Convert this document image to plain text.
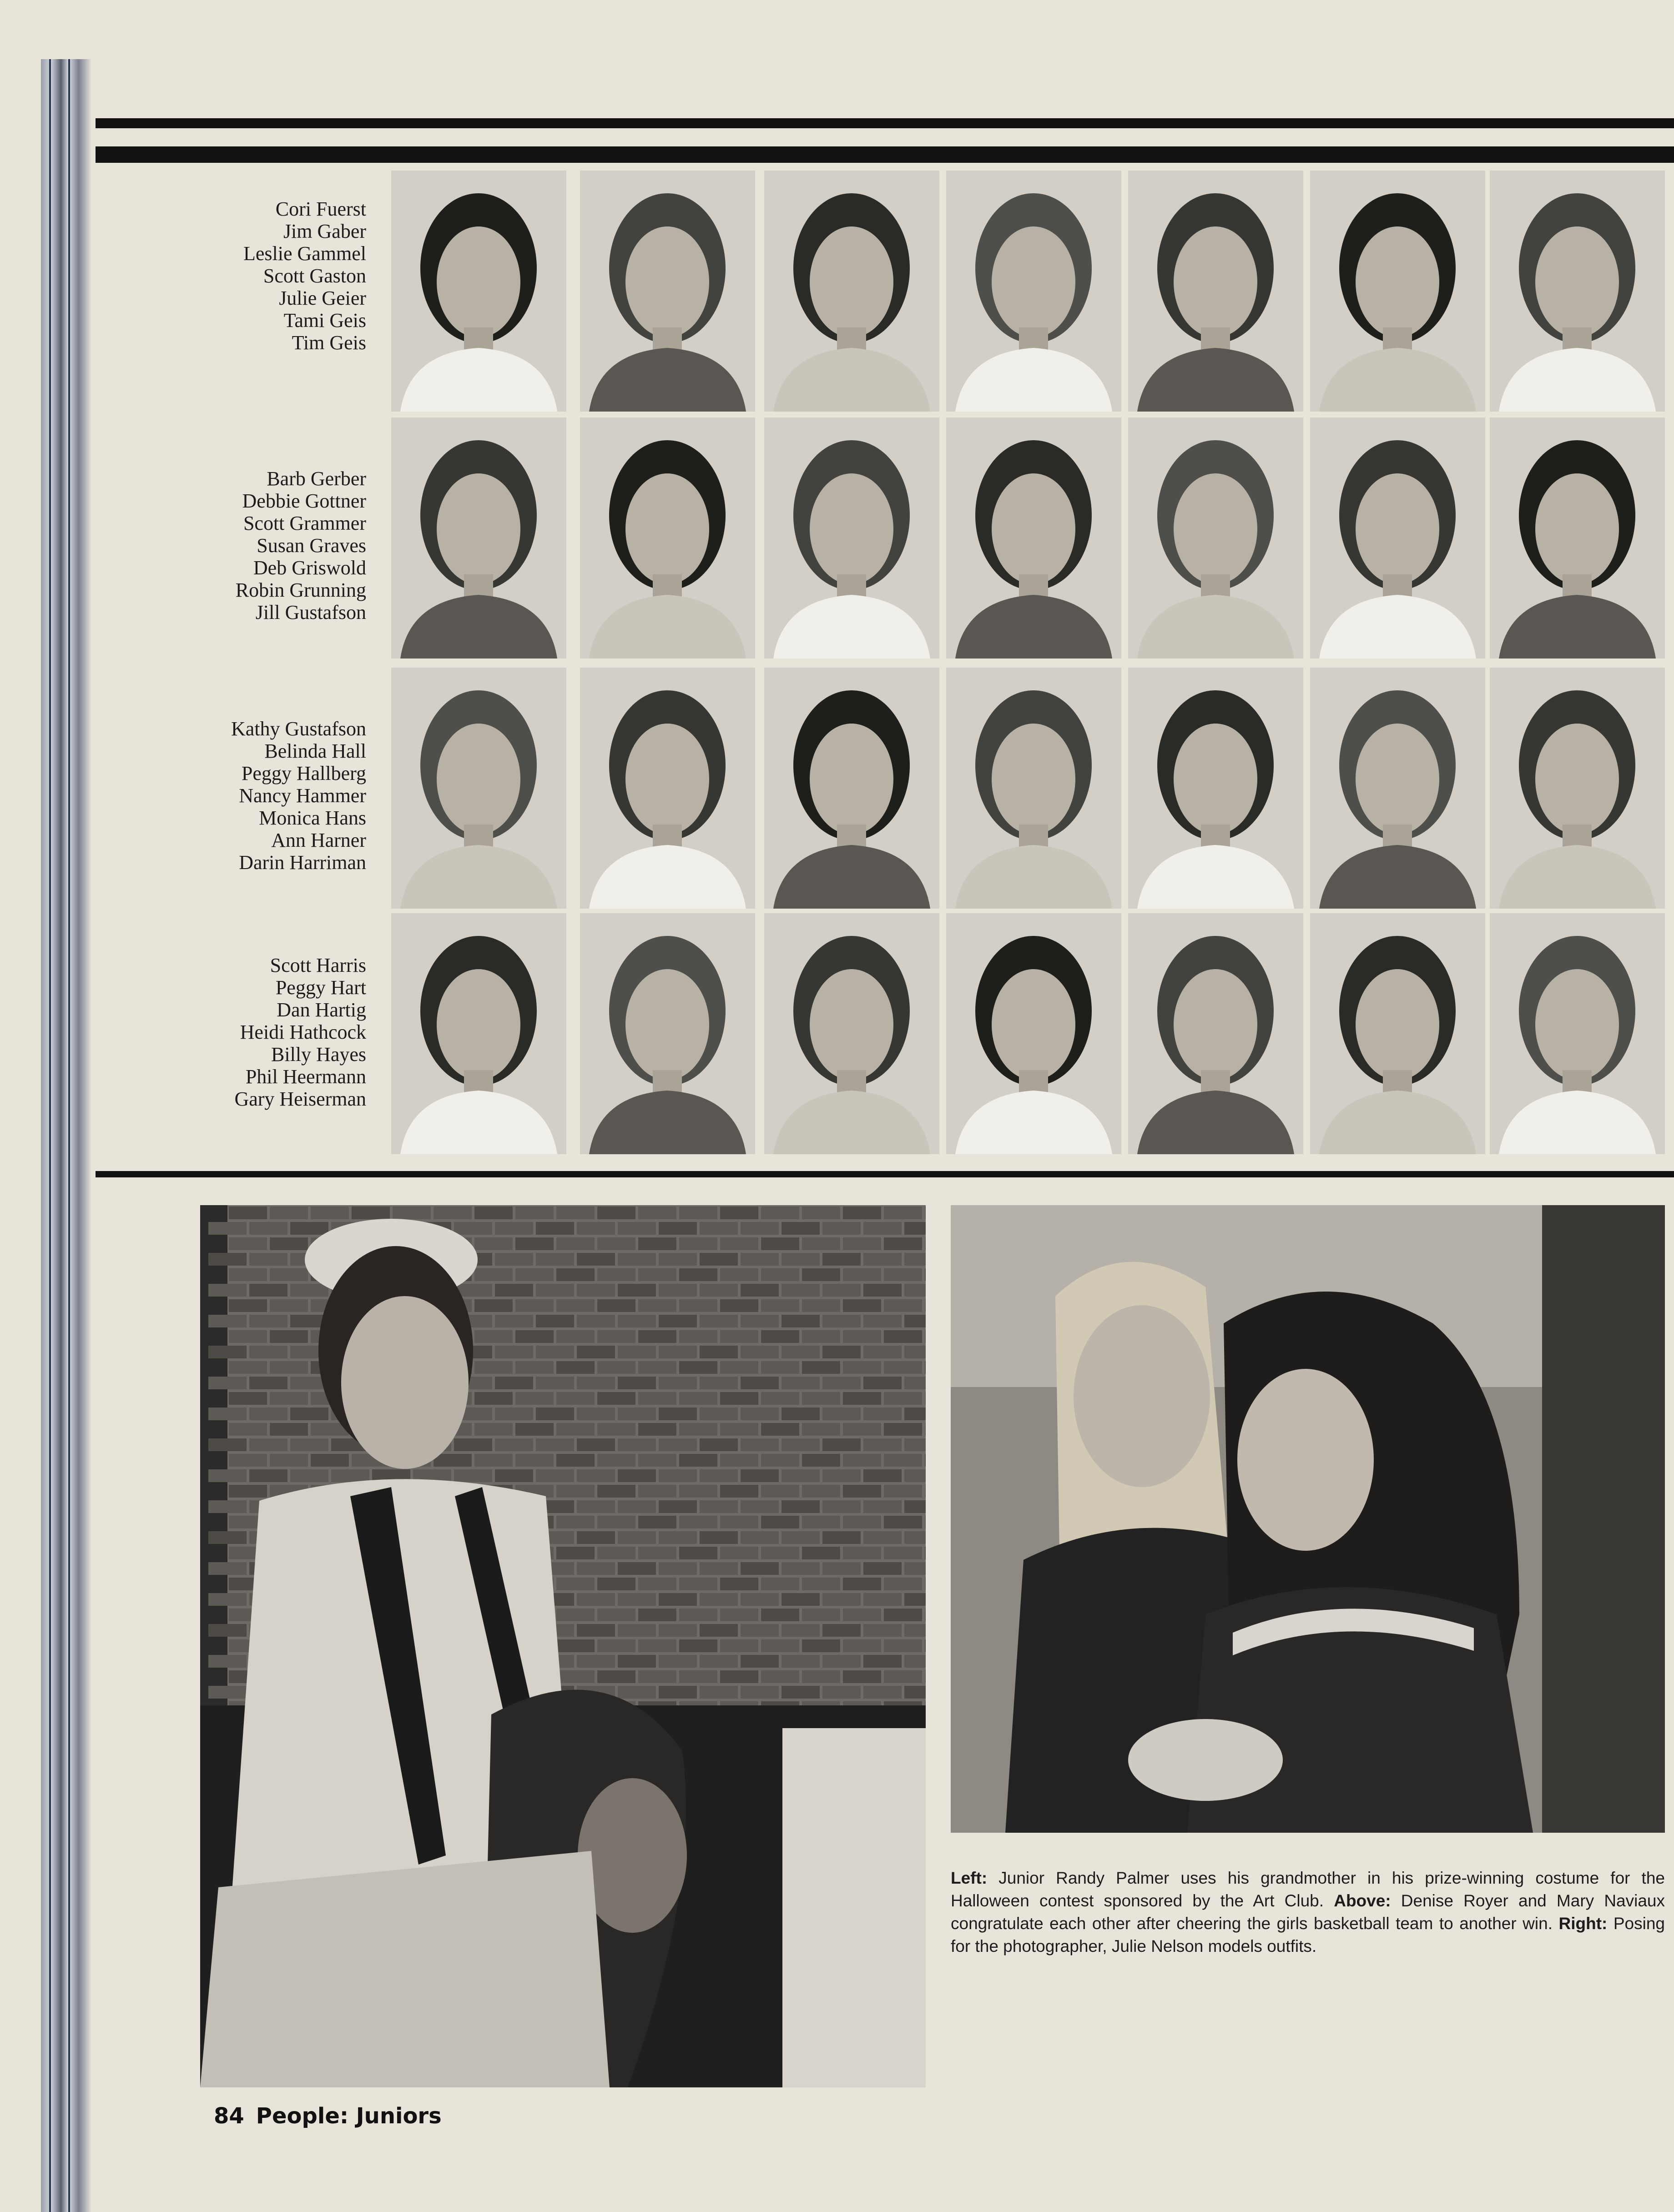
Cori Fuerst
Jim Gaber
Leslie Gammel
Scott Gaston
Julie Geier
Tami Geis
Tim Geis
Barb Gerber
Debbie Gottner
Scott Grammer
Susan Graves
Deb Griswold
Robin Grunning
Jill Gustafson
Kathy Gustafson
Belinda Hall
Peggy Hallberg
Nancy Hammer
Monica Hans
Ann Harner
Darin Harriman
Scott Harris
Peggy Hart
Dan Hartig
Heidi Hathcock
Billy Hayes
Phil Heermann
Gary Heiserman
Left: Junior Randy Palmer uses his grandmother in his prize-winning costume for the Halloween contest sponsored by the Art Club. Above: Denise Royer and Mary Naviaux congratulate each other after cheering the girls basketball team to another win. Right: Posing for the photographer, Julie Nelson models outfits.
84 People: Juniors
